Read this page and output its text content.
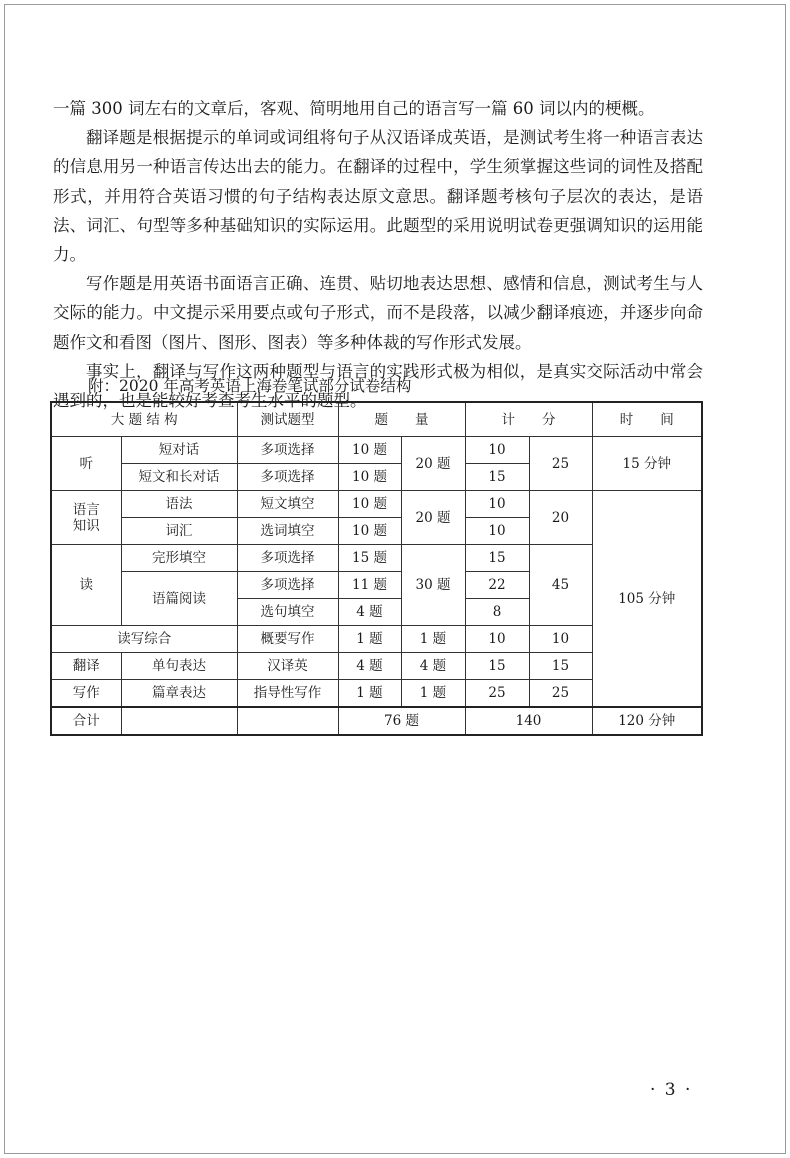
一篇 300 词左右的文章后，客观、简明地用自己的语言写一篇 60 词以内的梗概。

翻译题是根据提示的单词或词组将句子从汉语译成英语，是测试考生将一种语言表达的信息用另一种语言传达出去的能力。在翻译的过程中，学生须掌握这些词的词性及搭配形式，并用符合英语习惯的句子结构表达原文意思。翻译题考核句子层次的表达，是语法、词汇、句型等多种基础知识的实际运用。此题型的采用说明试卷更强调知识的运用能力。

写作题是用英语书面语言正确、连贯、贴切地表达思想、感情和信息，测试考生与人交际的能力。中文提示采用要点或句子形式，而不是段落，以减少翻译痕迹，并逐步向命题作文和看图（图片、图形、图表）等多种体裁的写作形式发展。

事实上，翻译与写作这两种题型与语言的实践形式极为相似，是真实交际活动中常会遇到的，也是能较好考查考生水平的题型。

附：2020 年高考英语上海卷笔试部分试卷结构
大 题 结 构		测试题型	题　　量		计　　分		时　　间
听	短对话	多项选择	10 题	20 题	10	25	15 分钟
	短文和长对话	多项选择	10 题		15		
语言
知识	语法	短文填空	10 题	20 题	10	20	105 分钟
	词汇	选词填空	10 题		10		
读	完形填空	多项选择	15 题	30 题	15	45	
	语篇阅读	多项选择	11 题		22		
		选句填空	4 题		8		
读写综合		概要写作	1 题	1 题	10	10	
翻译	单句表达	汉译英	4 题	4 题	15	15	
写作	篇章表达	指导性写作	1 题	1 题	25	25	
合计			76 题		140		120 分钟
· 3 ·
